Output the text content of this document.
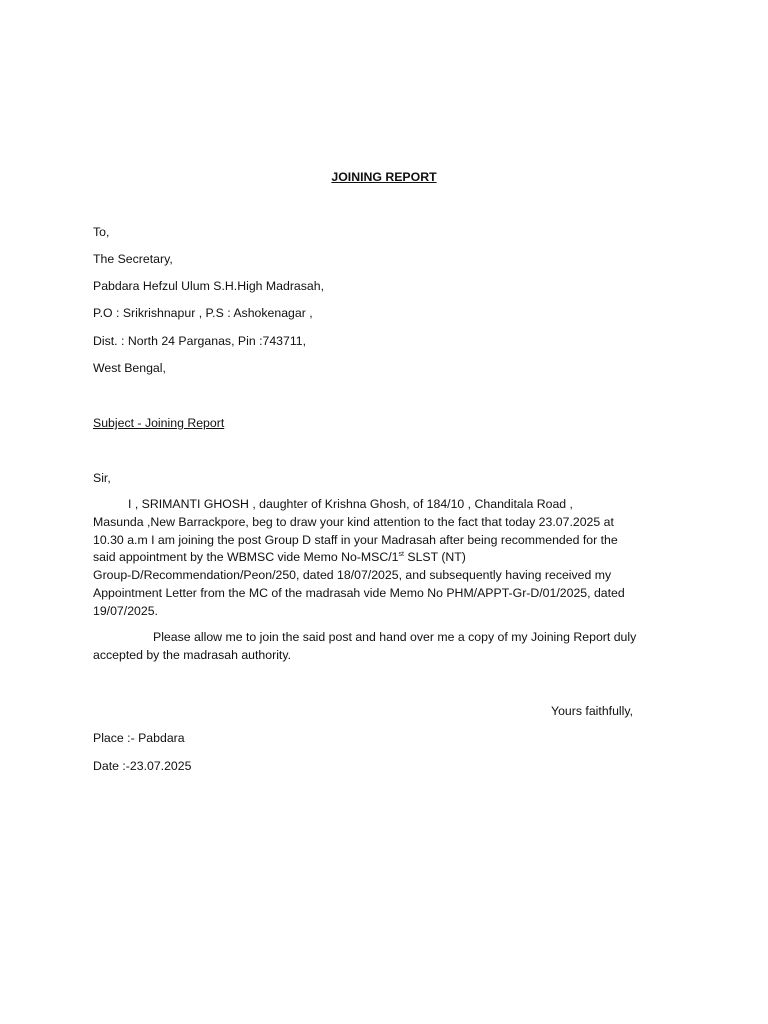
JOINING REPORT
To,
The Secretary,
Pabdara Hefzul Ulum S.H.High Madrasah,
P.O : Srikrishnapur , P.S : Ashokenagar ,
Dist. : North 24 Parganas, Pin :743711,
West Bengal,
Subject - Joining Report
Sir,
I , SRIMANTI GHOSH , daughter of Krishna Ghosh, of 184/10 , Chanditala Road ,
Masunda ,New Barrackpore, beg to draw your kind attention to the fact that today 23.07.2025 at
10.30 a.m I am joining the post Group D staff in your Madrasah after being recommended for the
said appointment by the WBMSC vide Memo No-MSC/1st SLST (NT)
Group-D/Recommendation/Peon/250, dated 18/07/2025, and subsequently having received my
Appointment Letter from the MC of the madrasah vide Memo No PHM/APPT-Gr-D/01/2025, dated
19/07/2025.
Please allow me to join the said post and hand over me a copy of my Joining Report duly
accepted by the madrasah authority.
Yours faithfully,
Place :- Pabdara
Date :-23.07.2025
